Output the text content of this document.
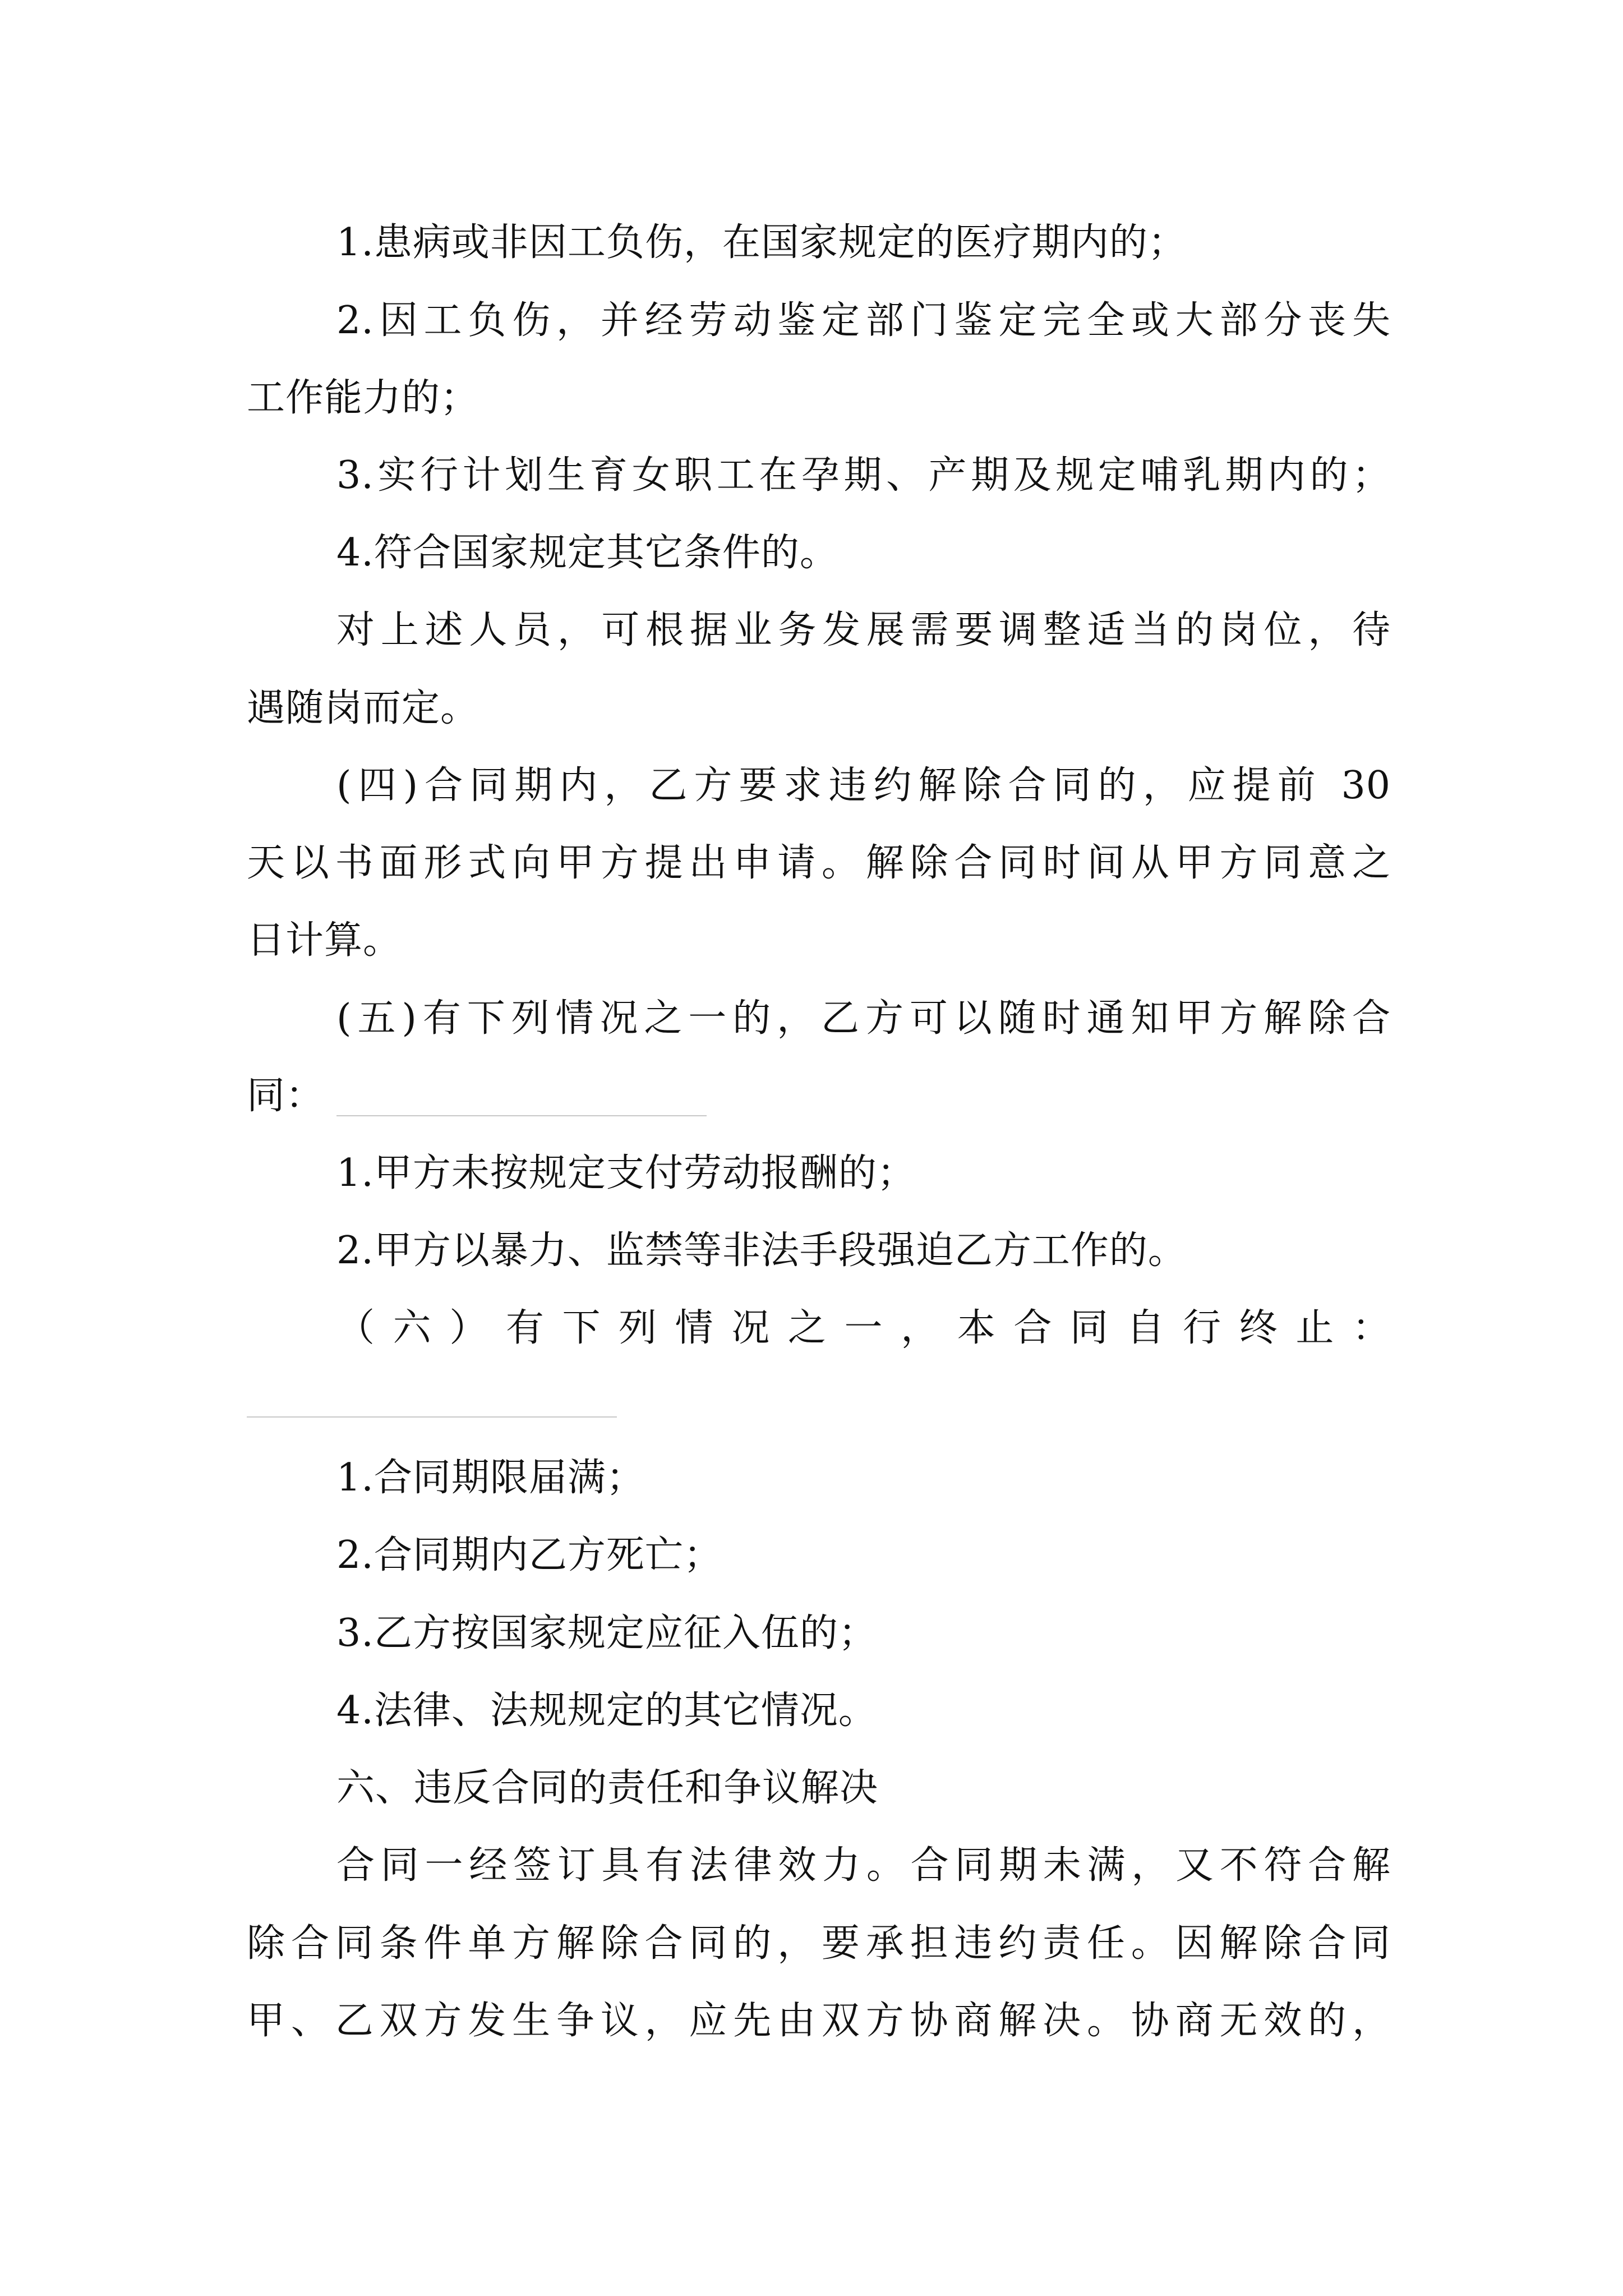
1.患病或非因工负伤，在国家规定的医疗期内的；
2.因工负伤，并经劳动鉴定部门鉴定完全或大部分丧失
工作能力的；
3.实行计划生育女职工在孕期、产期及规定哺乳期内的；
4.符合国家规定其它条件的。
对上述人员，可根据业务发展需要调整适当的岗位，待
遇随岗而定。
(四)合同期内，乙方要求违约解除合同的，应提前 30
天以书面形式向甲方提出申请。解除合同时间从甲方同意之
日计算。
(五)有下列情况之一的，乙方可以随时通知甲方解除合
同：
1.甲方未按规定支付劳动报酬的；
2.甲方以暴力、监禁等非法手段强迫乙方工作的。
（六）有下列情况之一，本合同自行终止：
1.合同期限届满；
2.合同期内乙方死亡；
3.乙方按国家规定应征入伍的；
4.法律、法规规定的其它情况。
六、违反合同的责任和争议解决
合同一经签订具有法律效力。合同期未满，又不符合解
除合同条件单方解除合同的，要承担违约责任。因解除合同
甲、乙双方发生争议，应先由双方协商解决。协商无效的，
